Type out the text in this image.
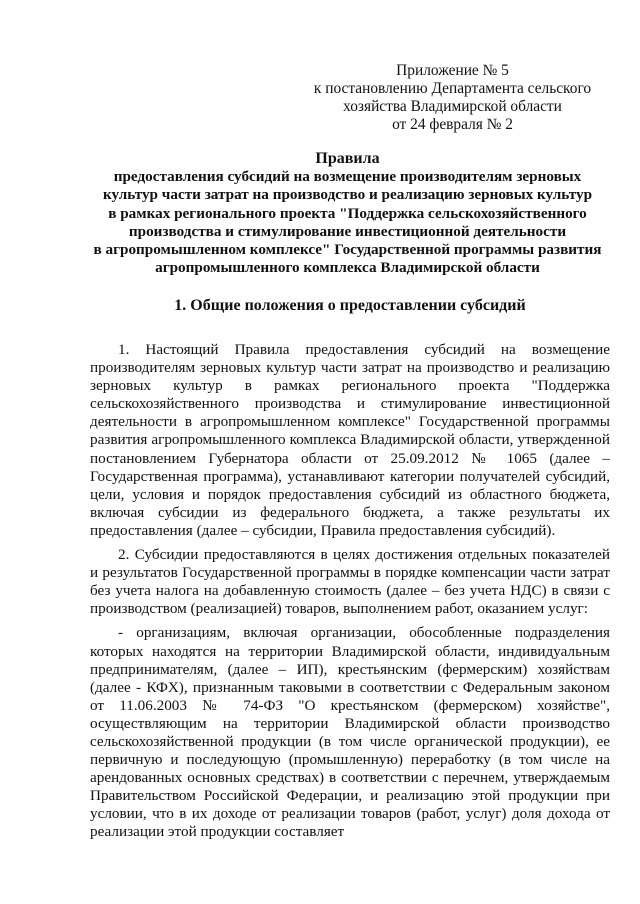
Приложение № 5
к постановлению Департамента сельского
хозяйства Владимирской области
от 24 февраля № 2
Правила
предоставления субсидий на возмещение производителям зерновых
культур части затрат на производство и реализацию зерновых культур
в рамках регионального проекта "Поддержка сельскохозяйственного
производства и стимулирование инвестиционной деятельности
в агропромышленном комплексе" Государственной программы развития
агропромышленного комплекса Владимирской области
1. Общие положения о предоставлении субсидий

1. Настоящий Правила предоставления субсидий на возмещение производителям зерновых культур части затрат на производство и реализацию зерновых культур в рамках регионального проекта "Поддержка сельскохозяйственного производства и стимулирование инвестиционной деятельности в агропромышленном комплексе" Государственной программы развития агропромышленного комплекса Владимирской области, утвержденной постановлением Губернатора области от 25.09.2012 № 1065 (далее – Государственная программа), устанавливают категории получателей субсидий, цели, условия и порядок предоставления субсидий из областного бюджета, включая субсидии из федерального бюджета, а также результаты их предоставления (далее – субсидии, Правила предоставления субсидий).

2. Субсидии предоставляются в целях достижения отдельных показателей и результатов Государственной программы в порядке компенсации части затрат без учета налога на добавленную стоимость (далее – без учета НДС) в связи с производством (реализацией) товаров, выполнением работ, оказанием услуг:

- организациям, включая организации, обособленные подразделения которых находятся на территории Владимирской области, индивидуальным предпринимателям, (далее – ИП), крестьянским (фермерским) хозяйствам (далее - КФХ), признанным таковыми в соответствии с Федеральным законом от 11.06.2003 № 74-ФЗ "О крестьянском (фермерском) хозяйстве", осуществляющим на территории Владимирской области производство сельскохозяйственной продукции (в том числе органической продукции), ее первичную и последующую (промышленную) переработку (в том числе на арендованных основных средствах) в соответствии с перечнем, утверждаемым Правительством Российской Федерации, и реализацию этой продукции при условии, что в их доходе от реализации товаров (работ, услуг) доля дохода от реализации этой продукции составляет
